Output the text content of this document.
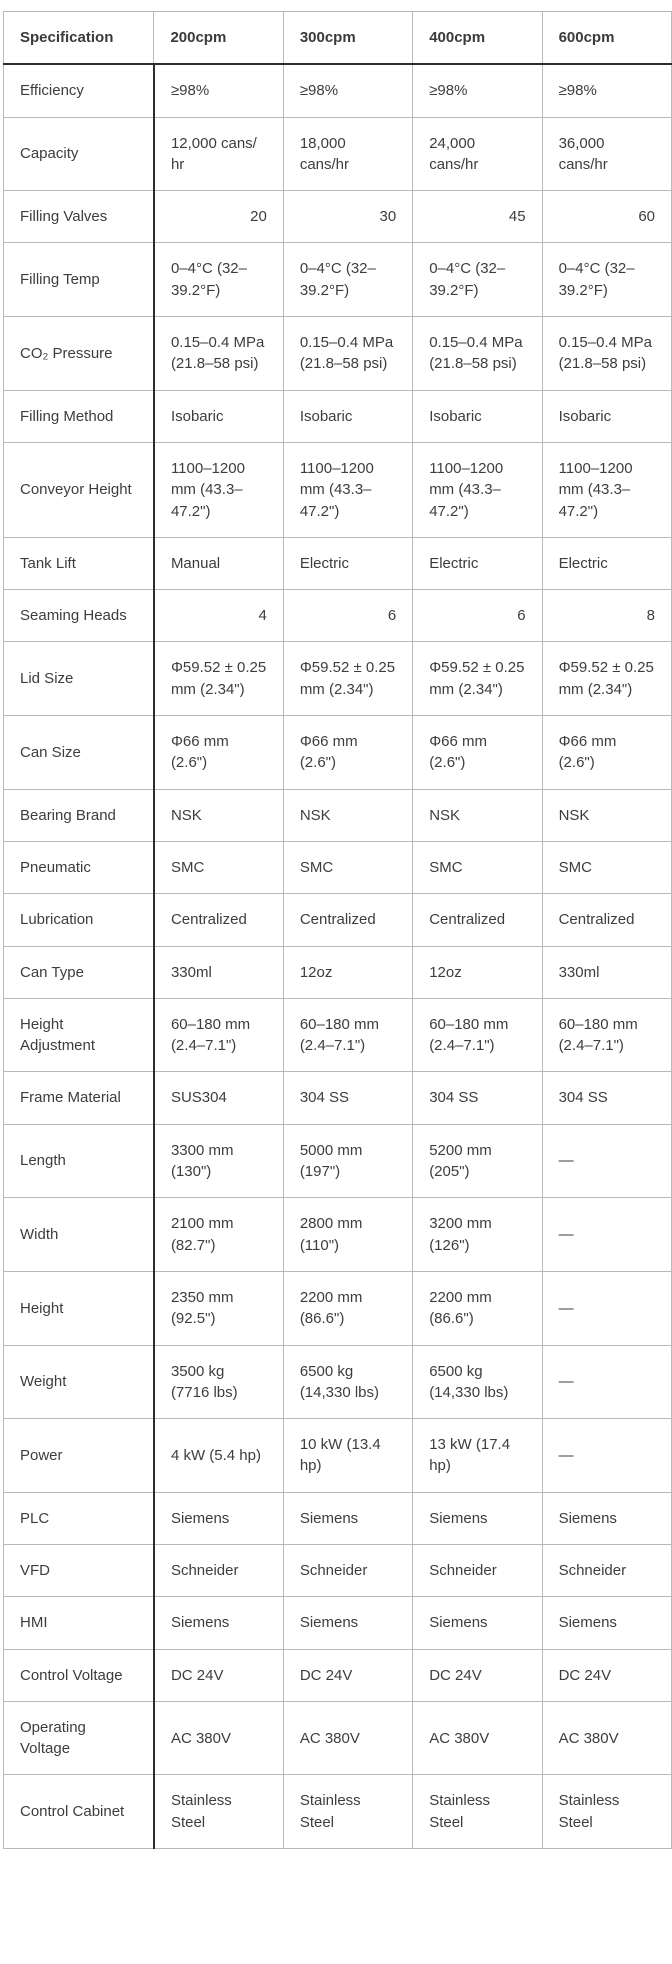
Specification	200cpm	300cpm	400cpm	600cpm
Efficiency	≥98%	≥98%	≥98%	≥98%
Capacity	12,000 cans/​hr	18,000 cans/hr	24,000 cans/hr	36,000 cans/hr
Filling Valves	20	30	45	60
Filling Temp	0–4°C (32–39.2°F)	0–4°C (32–39.2°F)	0–4°C (32–39.2°F)	0–4°C (32–39.2°F)
CO₂ Pressure	0.15–0.4 MPa (21.8–58 psi)	0.15–0.4 MPa (21.8–58 psi)	0.15–0.4 MPa (21.8–58 psi)	0.15–0.4 MPa (21.8–58 psi)
Filling Method	Isobaric	Isobaric	Isobaric	Isobaric
Conveyor Height	1100–1200 mm (43.3–47.2")	1100–1200 mm (43.3–47.2")	1100–1200 mm (43.3–47.2")	1100–1200 mm (43.3–47.2")
Tank Lift	Manual	Electric	Electric	Electric
Seaming Heads	4	6	6	8
Lid Size	Φ59.52 ± 0.25 mm (2.34")	Φ59.52 ± 0.25 mm (2.34")	Φ59.52 ± 0.25 mm (2.34")	Φ59.52 ± 0.25 mm (2.34")
Can Size	Φ66 mm (2.6")	Φ66 mm (2.6")	Φ66 mm (2.6")	Φ66 mm (2.6")
Bearing Brand	NSK	NSK	NSK	NSK
Pneumatic	SMC	SMC	SMC	SMC
Lubrication	Centralized	Centralized	Centralized	Centralized
Can Type	330ml	12oz	12oz	330ml
Height Adjustment	60–180 mm (2.4–7.1")	60–180 mm (2.4–7.1")	60–180 mm (2.4–7.1")	60–180 mm (2.4–7.1")
Frame Material	SUS304	304 SS	304 SS	304 SS
Length	3300 mm (130")	5000 mm (197")	5200 mm (205")	—
Width	2100 mm (82.7")	2800 mm (110")	3200 mm (126")	—
Height	2350 mm (92.5")	2200 mm (86.6")	2200 mm (86.6")	—
Weight	3500 kg (7716 lbs)	6500 kg (14,330 lbs)	6500 kg (14,330 lbs)	—
Power	4 kW (5.4 hp)	10 kW (13.4 hp)	13 kW (17.4 hp)	—
PLC	Siemens	Siemens	Siemens	Siemens
VFD	Schneider	Schneider	Schneider	Schneider
HMI	Siemens	Siemens	Siemens	Siemens
Control Voltage	DC 24V	DC 24V	DC 24V	DC 24V
Operating Voltage	AC 380V	AC 380V	AC 380V	AC 380V
Control Cabinet	Stainless Steel	Stainless Steel	Stainless Steel	Stainless Steel
